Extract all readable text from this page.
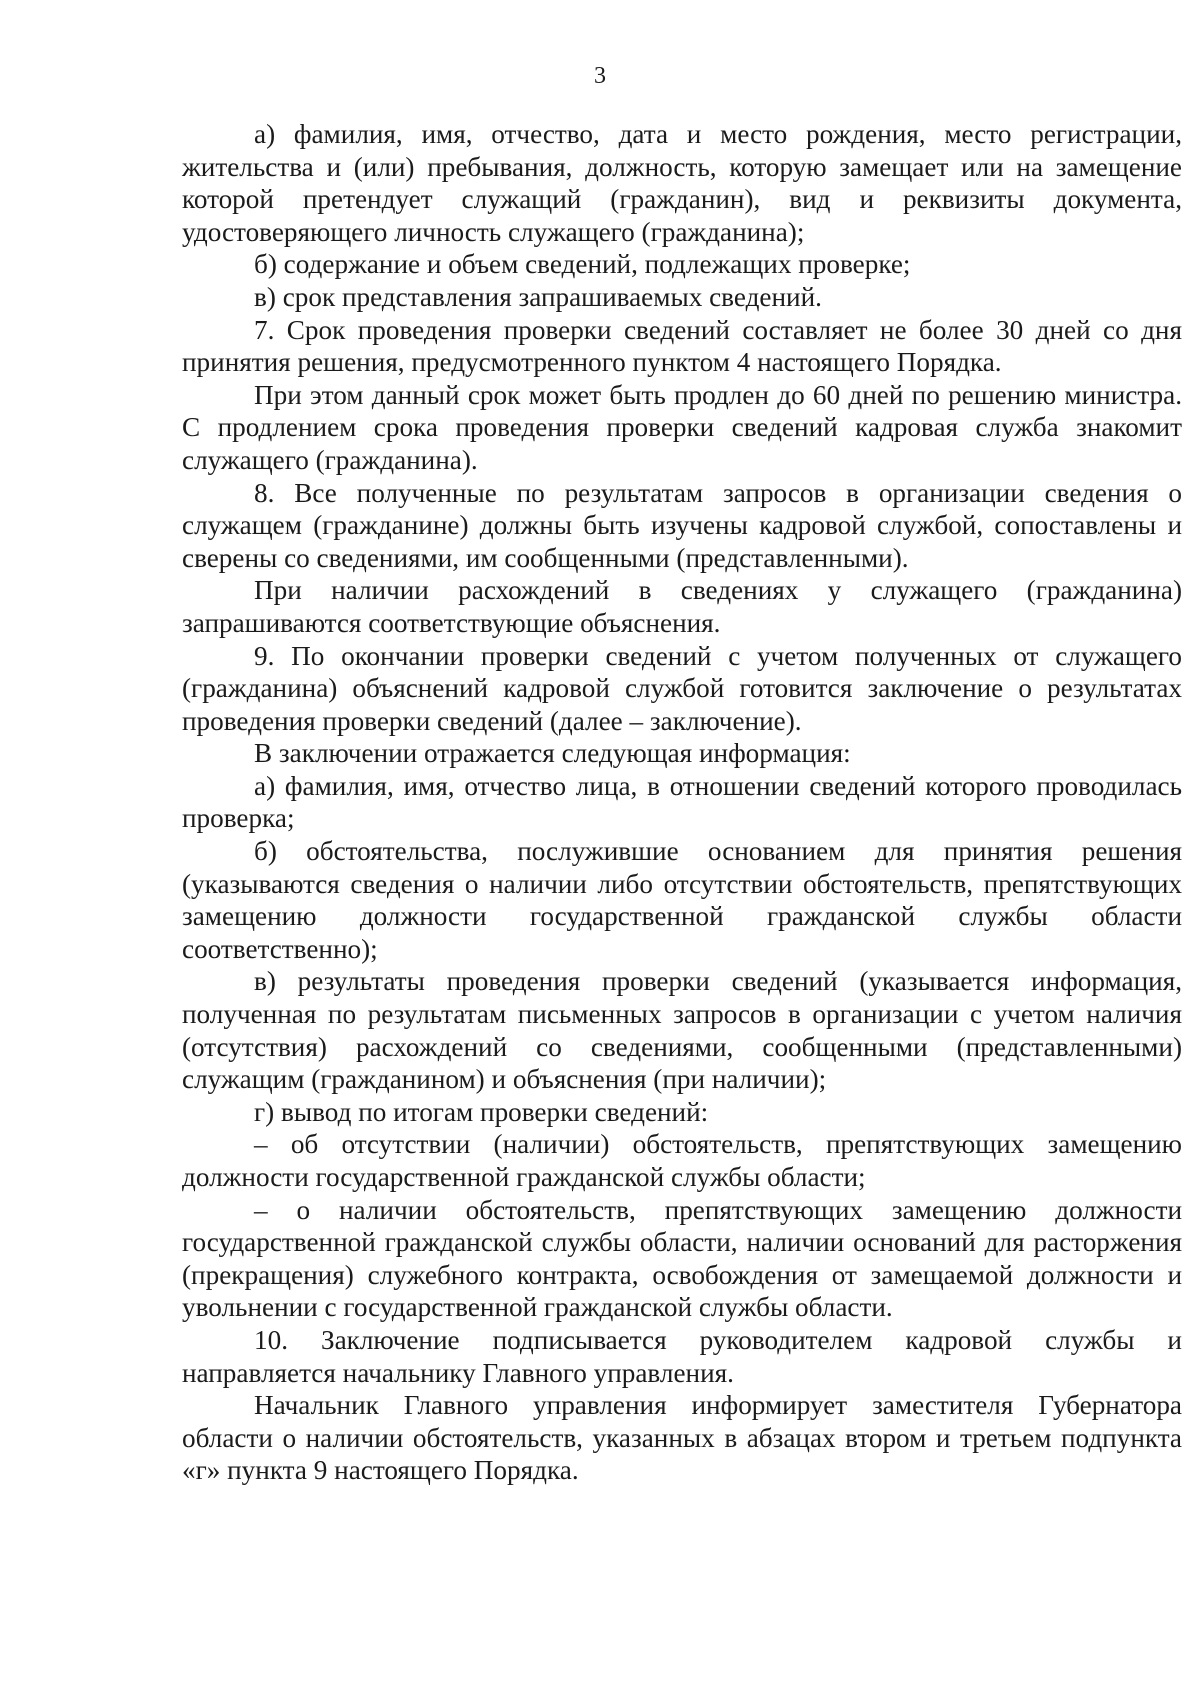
3

а) фамилия, имя, отчество, дата и место рождения, место регистрации, жительства и (или) пребывания, должность, которую замещает или на замещение которой претендует служащий (гражданин), вид и реквизиты документа, удостоверяющего личность служащего (гражданина);

б) содержание и объем сведений, подлежащих проверке;

в) срок представления запрашиваемых сведений.

7. Срок проведения проверки сведений составляет не более 30 дней со дня принятия решения, предусмотренного пунктом 4 настоящего Порядка.

При этом данный срок может быть продлен до 60 дней по решению министра. С продлением срока проведения проверки сведений кадровая служба знакомит служащего (гражданина).

8. Все полученные по результатам запросов в организации сведения о служащем (гражданине) должны быть изучены кадровой службой, сопоставлены и сверены со сведениями, им сообщенными (представленными).

При наличии расхождений в сведениях у служащего (гражданина) запрашиваются соответствующие объяснения.

9. По окончании проверки сведений с учетом полученных от служащего (гражданина) объяснений кадровой службой готовится заключение о результатах проведения проверки сведений (далее – заключение).

В заключении отражается следующая информация:

а) фамилия, имя, отчество лица, в отношении сведений которого проводилась проверка;

б) обстоятельства, послужившие основанием для принятия решения (указываются сведения о наличии либо отсутствии обстоятельств, препятствующих замещению должности государственной гражданской службы области соответственно);

в) результаты проведения проверки сведений (указывается информация, полученная по результатам письменных запросов в организации с учетом наличия (отсутствия) расхождений со сведениями, сообщенными (представленными) служащим (гражданином) и объяснения (при наличии);

г) вывод по итогам проверки сведений:

– об отсутствии (наличии) обстоятельств, препятствующих замещению должности государственной гражданской службы области;

– о наличии обстоятельств, препятствующих замещению должности государственной гражданской службы области, наличии оснований для расторжения (прекращения) служебного контракта, освобождения от замещаемой должности и увольнении с государственной гражданской службы области.

10. Заключение подписывается руководителем кадровой службы и направляется начальнику Главного управления.

Начальник Главного управления информирует заместителя Губернатора области о наличии обстоятельств, указанных в абзацах втором и третьем подпункта «г» пункта 9 настоящего Порядка.
